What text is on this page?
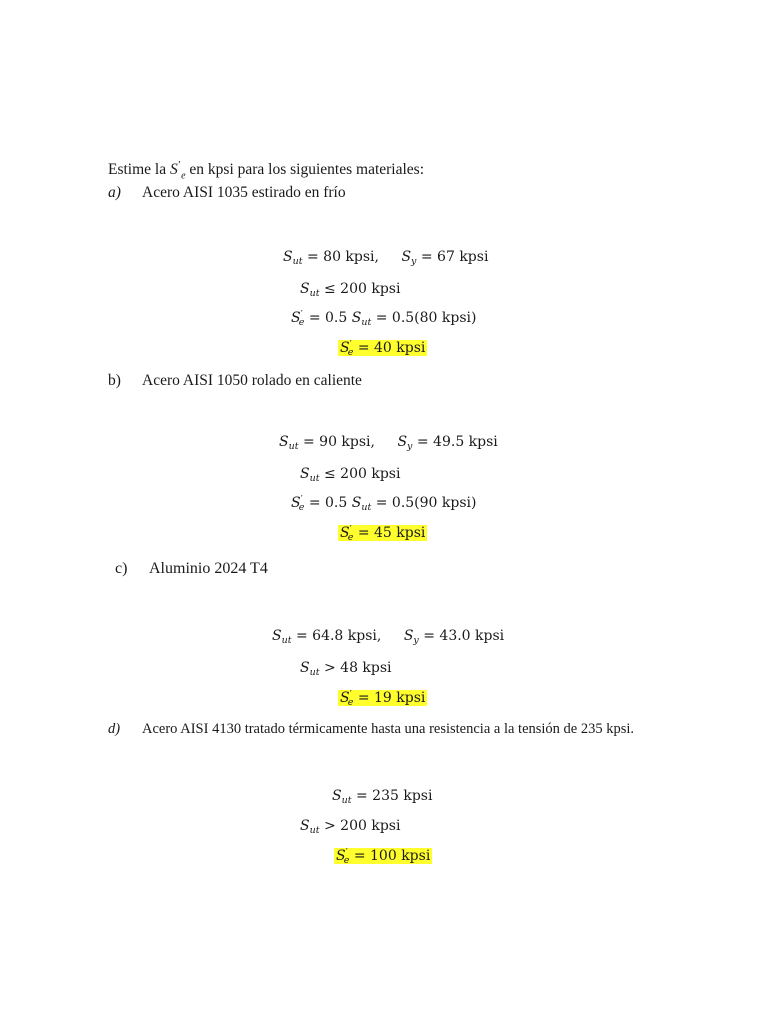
Estime la $S^’_e$ en kpsi para los siguientes materiales:
a) Acero AISI 1035 estirado en frío
$S_{ut} = 80$ kpsi, $S_y = 67$ kpsi
$S_{ut} \le 200$ kpsi
$S'_e = 0.5$ $S_{ut} = 0.5(80$ kpsi)
$S'_e = 40$ kpsi
b) Acero AISI 1050 rolado en caliente
$S_{ut} = 90$ kpsi, $S_y = 49.5$ kpsi
$S_{ut} \le 200$ kpsi
$S'_e = 0.5$ $S_{ut} = 0.5(90$ kpsi)
$S'_e = 45$ kpsi
c) Aluminio 2024 T4
$S_{ut} = 64.8$ kpsi, $S_y = 43.0$ kpsi
$S_{ut} > 48$ kpsi
$S'_e = 19$ kpsi
d) Acero AISI 4130 tratado térmicamente hasta una resistencia a la tensión de 235 kpsi.
$S_{ut} = 235$ kpsi
$S_{ut} > 200$ kpsi
$S'_e = 100$ kpsi
